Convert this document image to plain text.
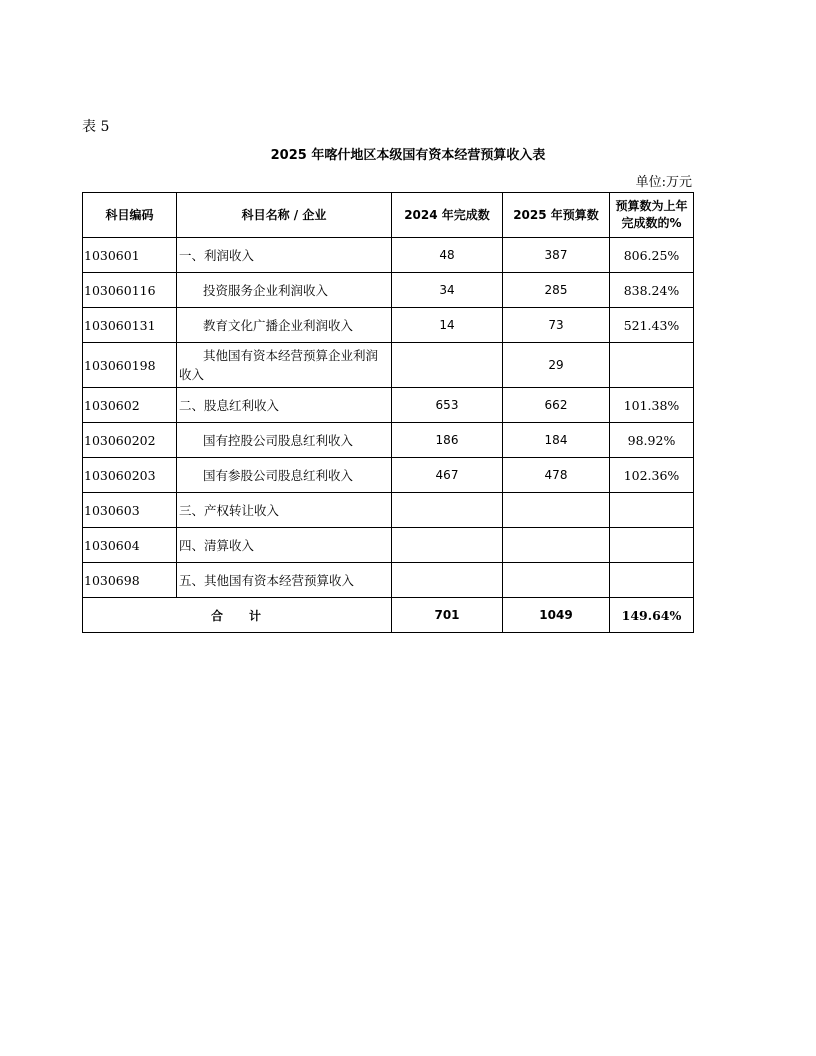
表 5
2025 年喀什地区本级国有资本经营预算收入表
单位:万元
科目编码	科目名称 / 企业	2024 年完成数	2025 年预算数	预算数为上年
完成数的%

1030601	一、利润收入	48	387	806.25%
103060116	投资服务企业利润收入	34	285	838.24%
103060131	教育文化广播企业利润收入	14	73	521.43%
103060198	其他国有资本经营预算企业利润
收入		29	
1030602	二、股息红利收入	653	662	101.38%
103060202	国有控股公司股息红利收入	186	184	98.92%
103060203	国有参股公司股息红利收入	467	478	102.36%
1030603	三、产权转让收入			
1030604	四、清算收入			
1030698	五、其他国有资本经营预算收入			
合 计		701	1049	149.64%
